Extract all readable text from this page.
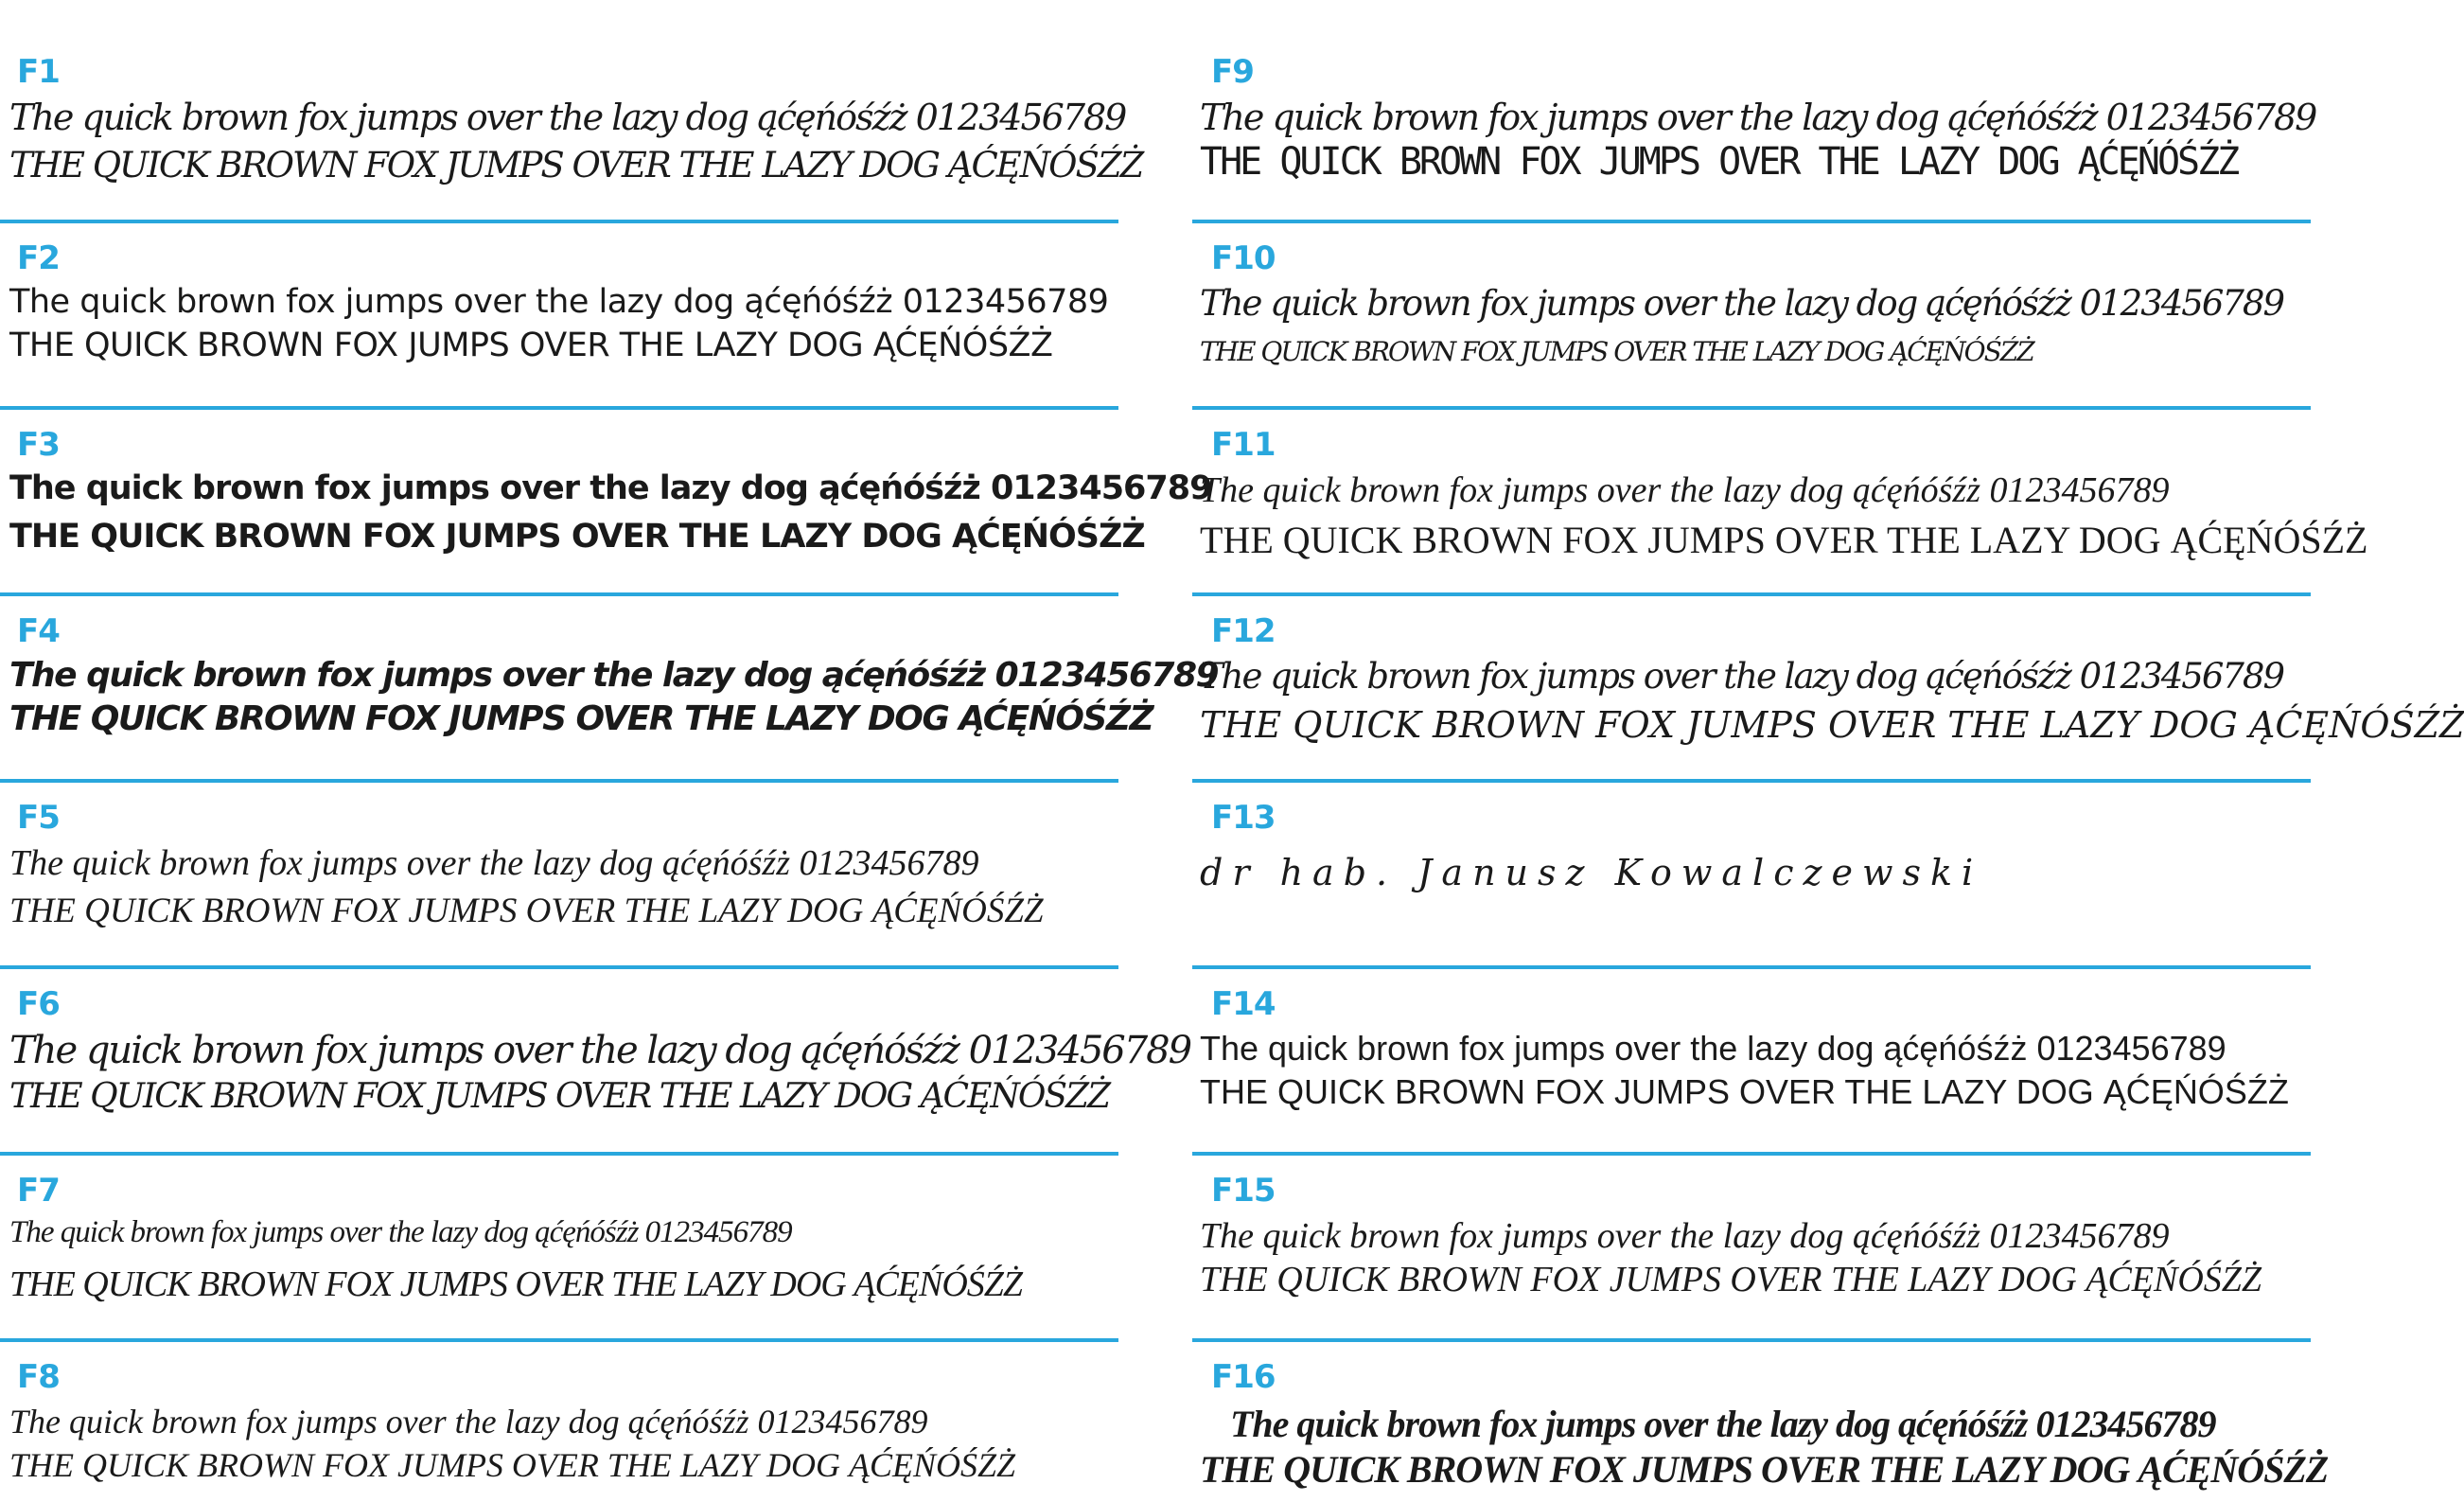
F1
The quick brown fox jumps over the lazy dog ąćęńóśźż 0123456789
THE QUICK BROWN FOX JUMPS OVER THE LAZY DOG ĄĆĘŃÓŚŹŻ
F2
The quick brown fox jumps over the lazy dog ąćęńóśźż 0123456789
THE QUICK BROWN FOX JUMPS OVER THE LAZY DOG ĄĆĘŃÓŚŹŻ
F3
The quick brown fox jumps over the lazy dog ąćęńóśźż 0123456789
THE QUICK BROWN FOX JUMPS OVER THE LAZY DOG ĄĆĘŃÓŚŹŻ
F4
The quick brown fox jumps over the lazy dog ąćęńóśźż 0123456789
THE QUICK BROWN FOX JUMPS OVER THE LAZY DOG ĄĆĘŃÓŚŹŻ
F5
The quick brown fox jumps over the lazy dog ąćęńóśźż 0123456789
THE QUICK BROWN FOX JUMPS OVER THE LAZY DOG ĄĆĘŃÓŚŹŻ
F6
The quick brown fox jumps over the lazy dog ąćęńóśźż 0123456789
THE QUICK BROWN FOX JUMPS OVER THE LAZY DOG ĄĆĘŃÓŚŹŻ
F7
The quick brown fox jumps over the lazy dog ąćęńóśźż 0123456789
THE QUICK BROWN FOX JUMPS OVER THE LAZY DOG ĄĆĘŃÓŚŹŻ
F8
The quick brown fox jumps over the lazy dog ąćęńóśźż 0123456789
THE QUICK BROWN FOX JUMPS OVER THE LAZY DOG ĄĆĘŃÓŚŹŻ
F9
The quick brown fox jumps over the lazy dog ąćęńóśźż 0123456789
THE QUICK BROWN FOX JUMPS OVER THE LAZY DOG ĄĆĘŃÓŚŹŻ
F10
The quick brown fox jumps over the lazy dog ąćęńóśźż 0123456789
THE QUICK BROWN FOX JUMPS OVER THE LAZY DOG ĄĆĘŃÓŚŹŻ
F11
The quick brown fox jumps over the lazy dog ąćęńóśźż 0123456789
THE QUICK BROWN FOX JUMPS OVER THE LAZY DOG ĄĆĘŃÓŚŹŻ
F12
The quick brown fox jumps over the lazy dog ąćęńóśźż 0123456789
THE QUICK BROWN FOX JUMPS OVER THE LAZY DOG ĄĆĘŃÓŚŹŻ
F13
dr hab. Janusz Kowalczewski
F14
The quick brown fox jumps over the lazy dog ąćęńóśźż 0123456789
THE QUICK BROWN FOX JUMPS OVER THE LAZY DOG ĄĆĘŃÓŚŹŻ
F15
The quick brown fox jumps over the lazy dog ąćęńóśźż 0123456789
THE QUICK BROWN FOX JUMPS OVER THE LAZY DOG ĄĆĘŃÓŚŹŻ
F16
The quick brown fox jumps over the lazy dog ąćęńóśźż 0123456789
THE QUICK BROWN FOX JUMPS OVER THE LAZY DOG ĄĆĘŃÓŚŹŻ
